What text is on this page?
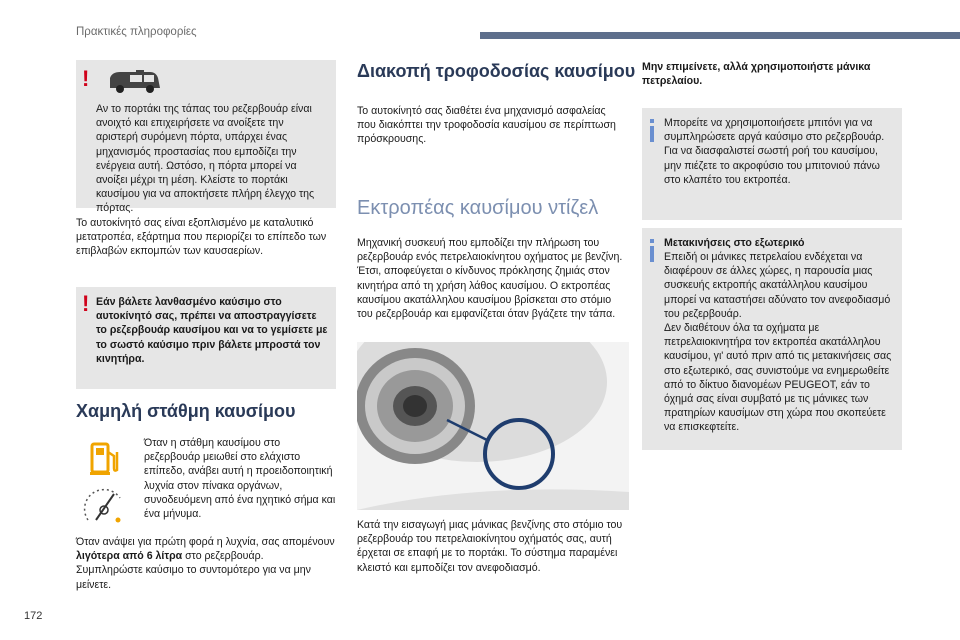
Πρακτικές πληροφορίες
!
Αν το πορτάκι της τάπας του ρεζερβουάρ είναι ανοιχτό και επιχειρήσετε να ανοίξετε την αριστερή συρόμενη πόρτα, υπάρχει ένας μηχανισμός προστασίας που εμποδίζει την ενέργεια αυτή. Ωστόσο, η πόρτα μπορεί να ανοίξει μέχρι τη μέση. Κλείστε το πορτάκι καυσίμου για να αποκτήσετε πλήρη έλεγχο της πόρτας.
Το αυτοκίνητό σας είναι εξοπλισμένο με καταλυτικό μετατροπέα, εξάρτημα που περιορίζει το επίπεδο των επιβλαβών εκπομπών των καυσαερίων.
! Εάν βάλετε λανθασμένο καύσιμο στο αυτοκίνητό σας, πρέπει να αποστραγγίσετε το ρεζερβουάρ καυσίμου και να το γεμίσετε με το σωστό καύσιμο πριν βάλετε μπροστά τον κινητήρα.
Χαμηλή στάθμη καυσίμου
Όταν η στάθμη καυσίμου στο ρεζερβουάρ μειωθεί στο ελάχιστο επίπεδο, ανάβει αυτή η προειδοποιητική λυχνία στον πίνακα οργάνων, συνοδευόμενη από ένα ηχητικό σήμα και ένα μήνυμα.
Όταν ανάψει για πρώτη φορά η λυχνία, σας απομένουν λιγότερα από 6 λίτρα στο ρεζερβουάρ.
Συμπληρώστε καύσιμο το συντομότερο για να μην μείνετε.
Διακοπή τροφοδοσίας καυσίμου
Το αυτοκίνητό σας διαθέτει ένα μηχανισμό ασφαλείας που διακόπτει την τροφοδοσία καυσίμου σε περίπτωση πρόσκρουσης.
Εκτροπέας καυσίμου ντίζελ
Μηχανική συσκευή που εμποδίζει την πλήρωση του ρεζερβουάρ ενός πετρελαιοκίνητου οχήματος με βενζίνη. Έτσι, αποφεύγεται ο κίνδυνος πρόκλησης ζημιάς στον κινητήρα από τη χρήση λάθος καυσίμου. Ο εκτροπέας καυσίμου ακατάλληλου καυσίμου βρίσκεται στο στόμιο του ρεζερβουάρ και εμφανίζεται όταν βγάζετε την τάπα.
Κατά την εισαγωγή μιας μάνικας βενζίνης στο στόμιο του ρεζερβουάρ του πετρελαιοκίνητου οχήματός σας, αυτή έρχεται σε επαφή με το πορτάκι. Το σύστημα παραμένει κλειστό και εμποδίζει τον ανεφοδιασμό.
Μην επιμείνετε, αλλά χρησιμοποιήστε μάνικα πετρελαίου.
Μπορείτε να χρησιμοποιήσετε μπιτόνι για να συμπληρώσετε αργά καύσιμο στο ρεζερβουάρ. Για να διασφαλιστεί σωστή ροή του καυσίμου, μην πιέζετε το ακροφύσιο του μπιτονιού πάνω στο κλαπέτο του εκτροπέα.
Μετακινήσεις στο εξωτερικό
Επειδή οι μάνικες πετρελαίου ενδέχεται να διαφέρουν σε άλλες χώρες, η παρουσία μιας συσκευής εκτροπής ακατάλληλου καυσίμου μπορεί να καταστήσει αδύνατο τον ανεφοδιασμό του ρεζερβουάρ.
Δεν διαθέτουν όλα τα οχήματα με πετρελαιοκινητήρα τον εκτροπέα ακατάλληλου καυσίμου, γι' αυτό πριν από τις μετακινήσεις σας στο εξωτερικό, σας συνιστούμε να ενημερωθείτε από το δίκτυο διανομέων PEUGEOT, εάν το όχημά σας είναι συμβατό με τις μάνικες των πρατηρίων καυσίμων στη χώρα που σκοπεύετε να επισκεφτείτε.
172
